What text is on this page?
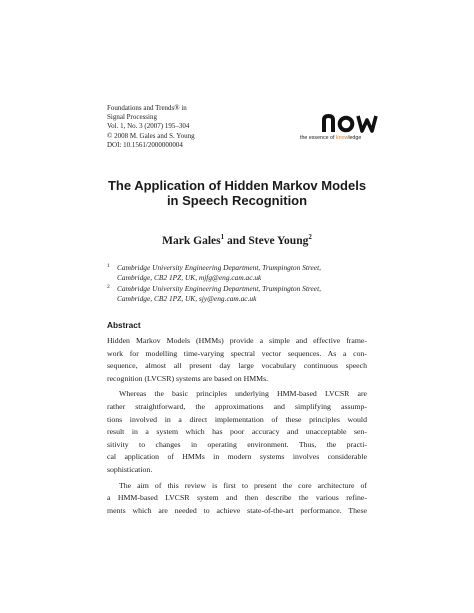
Foundations and Trends® in
Signal Processing
Vol. 1, No. 3 (2007) 195–304
© 2008 M. Gales and S. Young
DOI: 10.1561/2000000004
the essence of knowledge
The Application of Hidden Markov Models
in Speech Recognition
Mark Gales$^1$ and Steve Young$^2$
1 Cambridge University Engineering Department, Trumpington Street,
Cambridge, CB2 1PZ, UK, mjfg@eng.cam.ac.uk
2 Cambridge University Engineering Department, Trumpington Street,
Cambridge, CB2 1PZ, UK, sjy@eng.cam.ac.uk
Abstract
Hidden Markov Models (HMMs) provide a simple and effective frame-
work for modelling time-varying spectral vector sequences. As a con-
sequence, almost all present day large vocabulary continuous speech
recognition (LVCSR) systems are based on HMMs.
Whereas the basic principles underlying HMM-based LVCSR are
rather straightforward, the approximations and simplifying assump-
tions involved in a direct implementation of these principles would
result in a system which has poor accuracy and unacceptable sen-
sitivity to changes in operating environment. Thus, the practi-
cal application of HMMs in modern systems involves considerable
sophistication.
The aim of this review is first to present the core architecture of
a HMM-based LVCSR system and then describe the various refine-
ments which are needed to achieve state-of-the-art performance. These
